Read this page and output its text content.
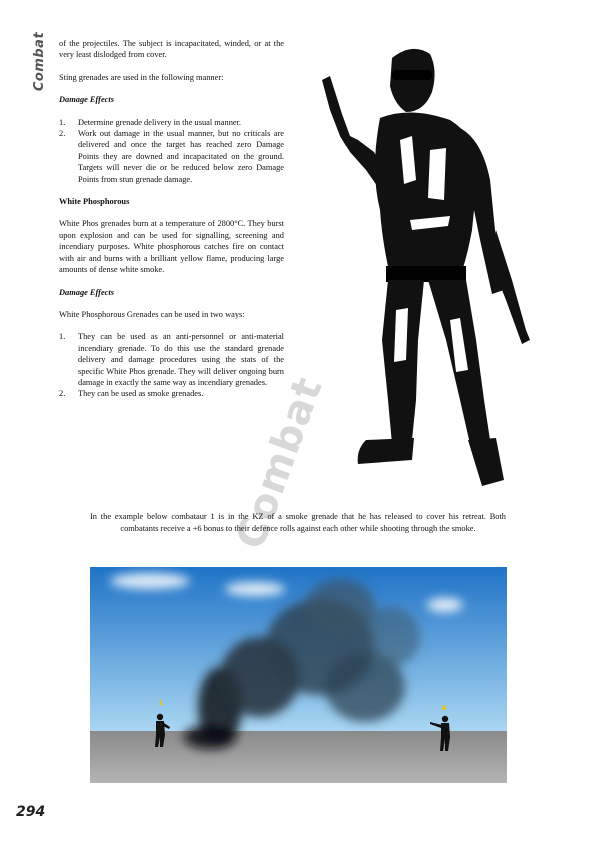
Combat
Combat

of the projectiles. The subject is incapacitated, winded, or at the very least dislodged from cover.

Sting grenades are used in the following manner:

Damage Effects

1. Determine grenade delivery in the usual manner.
2. Work out damage in the usual manner, but no criticals are delivered and once the target has reached zero Damage Points they are downed and incapacitated on the ground. Targets will never die or be reduced below zero Damage Points from stun grenade damage.

White Phosphorous

White Phos grenades burn at a temperature of 2800°C. They burst upon explosion and can be used for signalling, screening and incendiary purposes. White phosphorous catches fire on contact with air and burns with a brilliant yellow flame, producing large amounts of dense white smoke.

Damage Effects

White Phosphorous Grenades can be used in two ways:

1. They can be used as an anti-personnel or anti-material incendiary grenade. To do this use the standard grenade delivery and damage procedures using the stats of the specific White Phos grenade. They will deliver ongoing burn damage in exactly the same way as incendiary grenades.
2. They can be used as smoke grenades.

In the example below combataur 1 is in the KZ of a smoke grenade that he has released to cover his retreat. Both combatants receive a +6 bonus to their defence rolls against each other while shooting through the smoke.

1
A
294
